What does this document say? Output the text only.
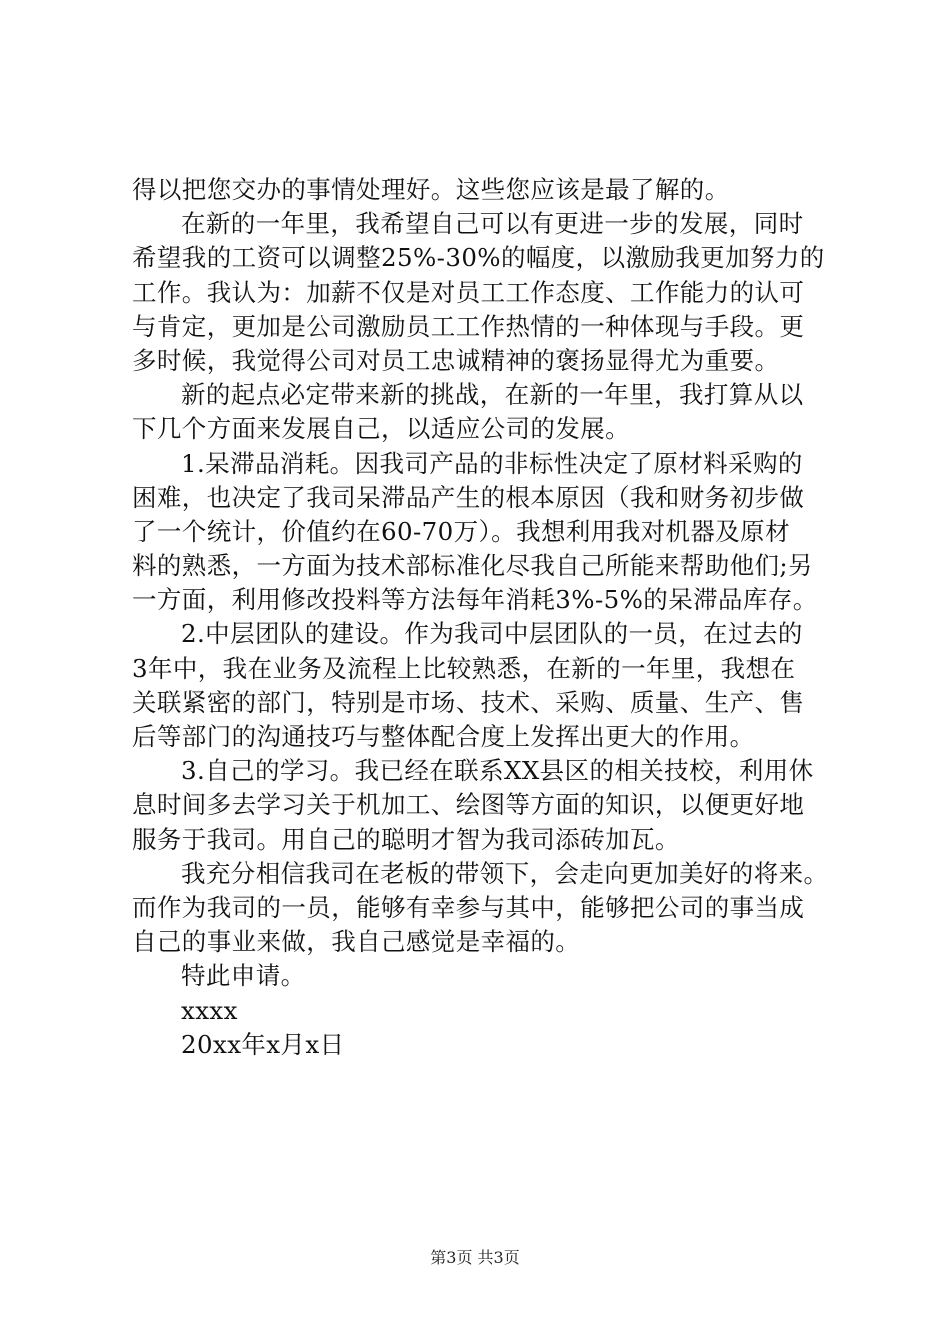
得以把您交办的事情处理好。这些您应该是最了解的。
在新的一年里，我希望自己可以有更进一步的发展，同时
希望我的工资可以调整25%-30%的幅度，以激励我更加努力的
工作。我认为：加薪不仅是对员工工作态度、工作能力的认可
与肯定，更加是公司激励员工工作热情的一种体现与手段。更
多时候，我觉得公司对员工忠诚精神的褒扬显得尤为重要。
新的起点必定带来新的挑战，在新的一年里，我打算从以
下几个方面来发展自己，以适应公司的发展。
1.呆滞品消耗。因我司产品的非标性决定了原材料采购的
困难，也决定了我司呆滞品产生的根本原因（我和财务初步做
了一个统计，价值约在60-70万）。我想利用我对机器及原材
料的熟悉，一方面为技术部标准化尽我自己所能来帮助他们;另
一方面，利用修改投料等方法每年消耗3%-5%的呆滞品库存。
2.中层团队的建设。作为我司中层团队的一员，在过去的
3年中，我在业务及流程上比较熟悉，在新的一年里，我想在
关联紧密的部门，特别是市场、技术、采购、质量、生产、售
后等部门的沟通技巧与整体配合度上发挥出更大的作用。
3.自己的学习。我已经在联系XX县区的相关技校，利用休
息时间多去学习关于机加工、绘图等方面的知识，以便更好地
服务于我司。用自己的聪明才智为我司添砖加瓦。
我充分相信我司在老板的带领下，会走向更加美好的将来。
而作为我司的一员，能够有幸参与其中，能够把公司的事当成
自己的事业来做，我自己感觉是幸福的。
特此申请。
xxxx
20xx年x月x日
第3页 共3页
